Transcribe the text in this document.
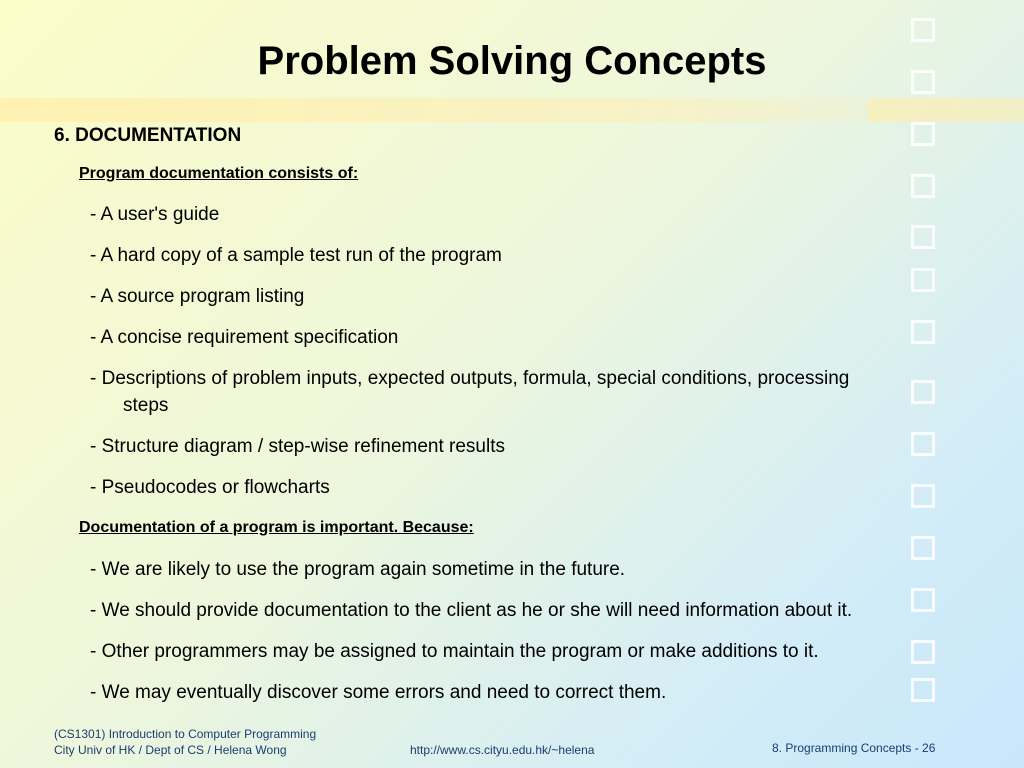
Problem Solving Concepts
6. DOCUMENTATION
Program documentation consists of:
- A user's guide
- A hard copy of a sample test run of the program
- A source program listing
- A concise requirement specification
- Descriptions of problem inputs, expected outputs, formula, special conditions, processing
steps
- Structure diagram / step-wise refinement results
- Pseudocodes or flowcharts
Documentation of a program is important. Because:
- We are likely to use the program again sometime in the future.
- We should provide documentation to the client as he or she will need information about it.
- Other programmers may be assigned to maintain the program or make additions to it.
- We may eventually discover some errors and need to correct them.
(CS1301) Introduction to Computer Programming
City Univ of HK / Dept of CS / Helena Wong	http://www.cs.cityu.edu.hk/~helena	8. Programming Concepts - 26
